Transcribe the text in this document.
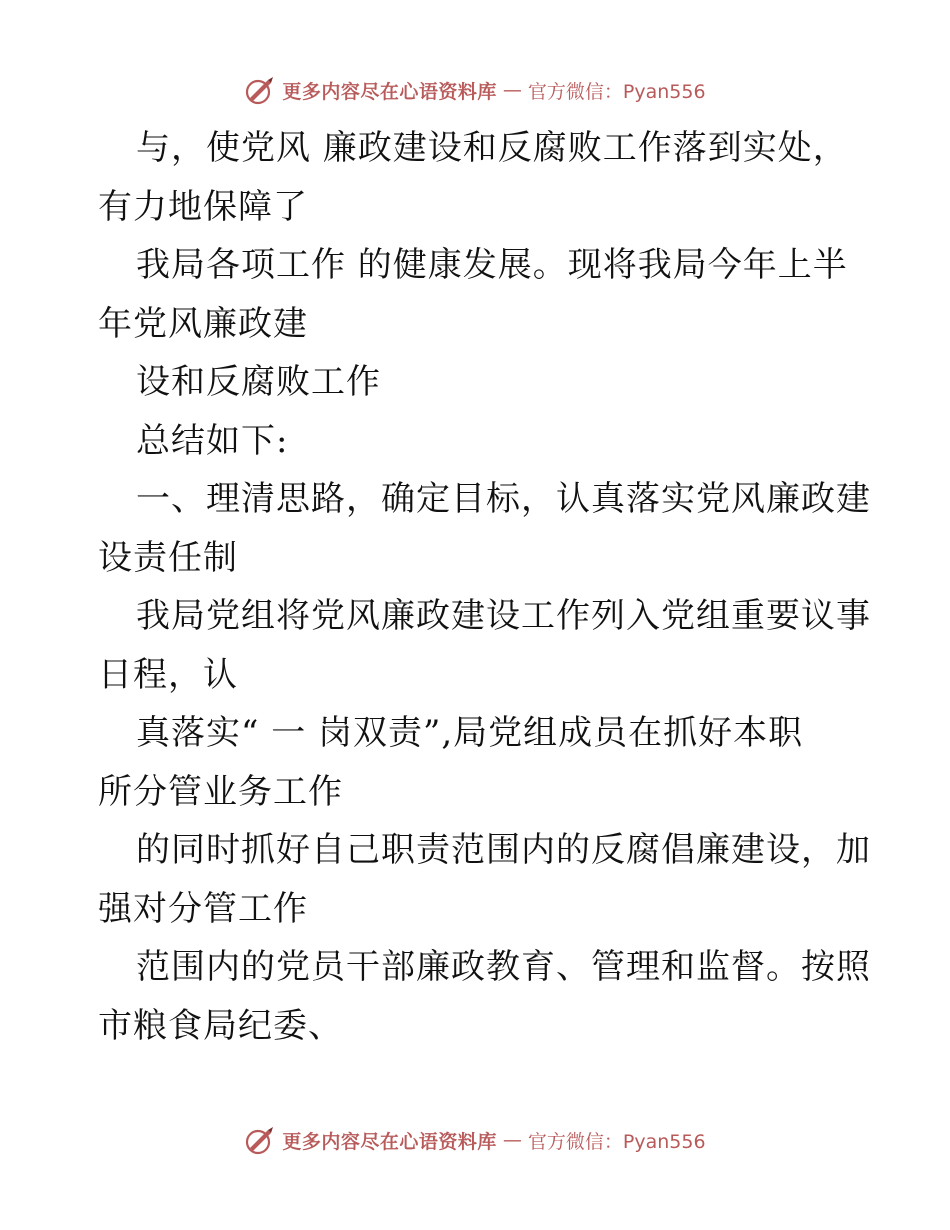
更多内容尽在心语资料库 — 官方微信：Pyan556
与，使党风 廉政建设和反腐败工作落到实处，
有力地保障了
我局各项工作 的健康发展。现将我局今年上半
年党风廉政建
设和反腐败工作
总结如下:
一、理清思路，确定目标，认真落实党风廉政建
设责任制
我局党组将党风廉政建设工作列入党组重要议事
日程，认
真落实“ 一 岗双责”,局党组成员在抓好本职
所分管业务工作
的同时抓好自己职责范围内的反腐倡廉建设，加
强对分管工作
范围内的党员干部廉政教育、管理和监督。按照
市粮食局纪委、
更多内容尽在心语资料库 — 官方微信：Pyan556
